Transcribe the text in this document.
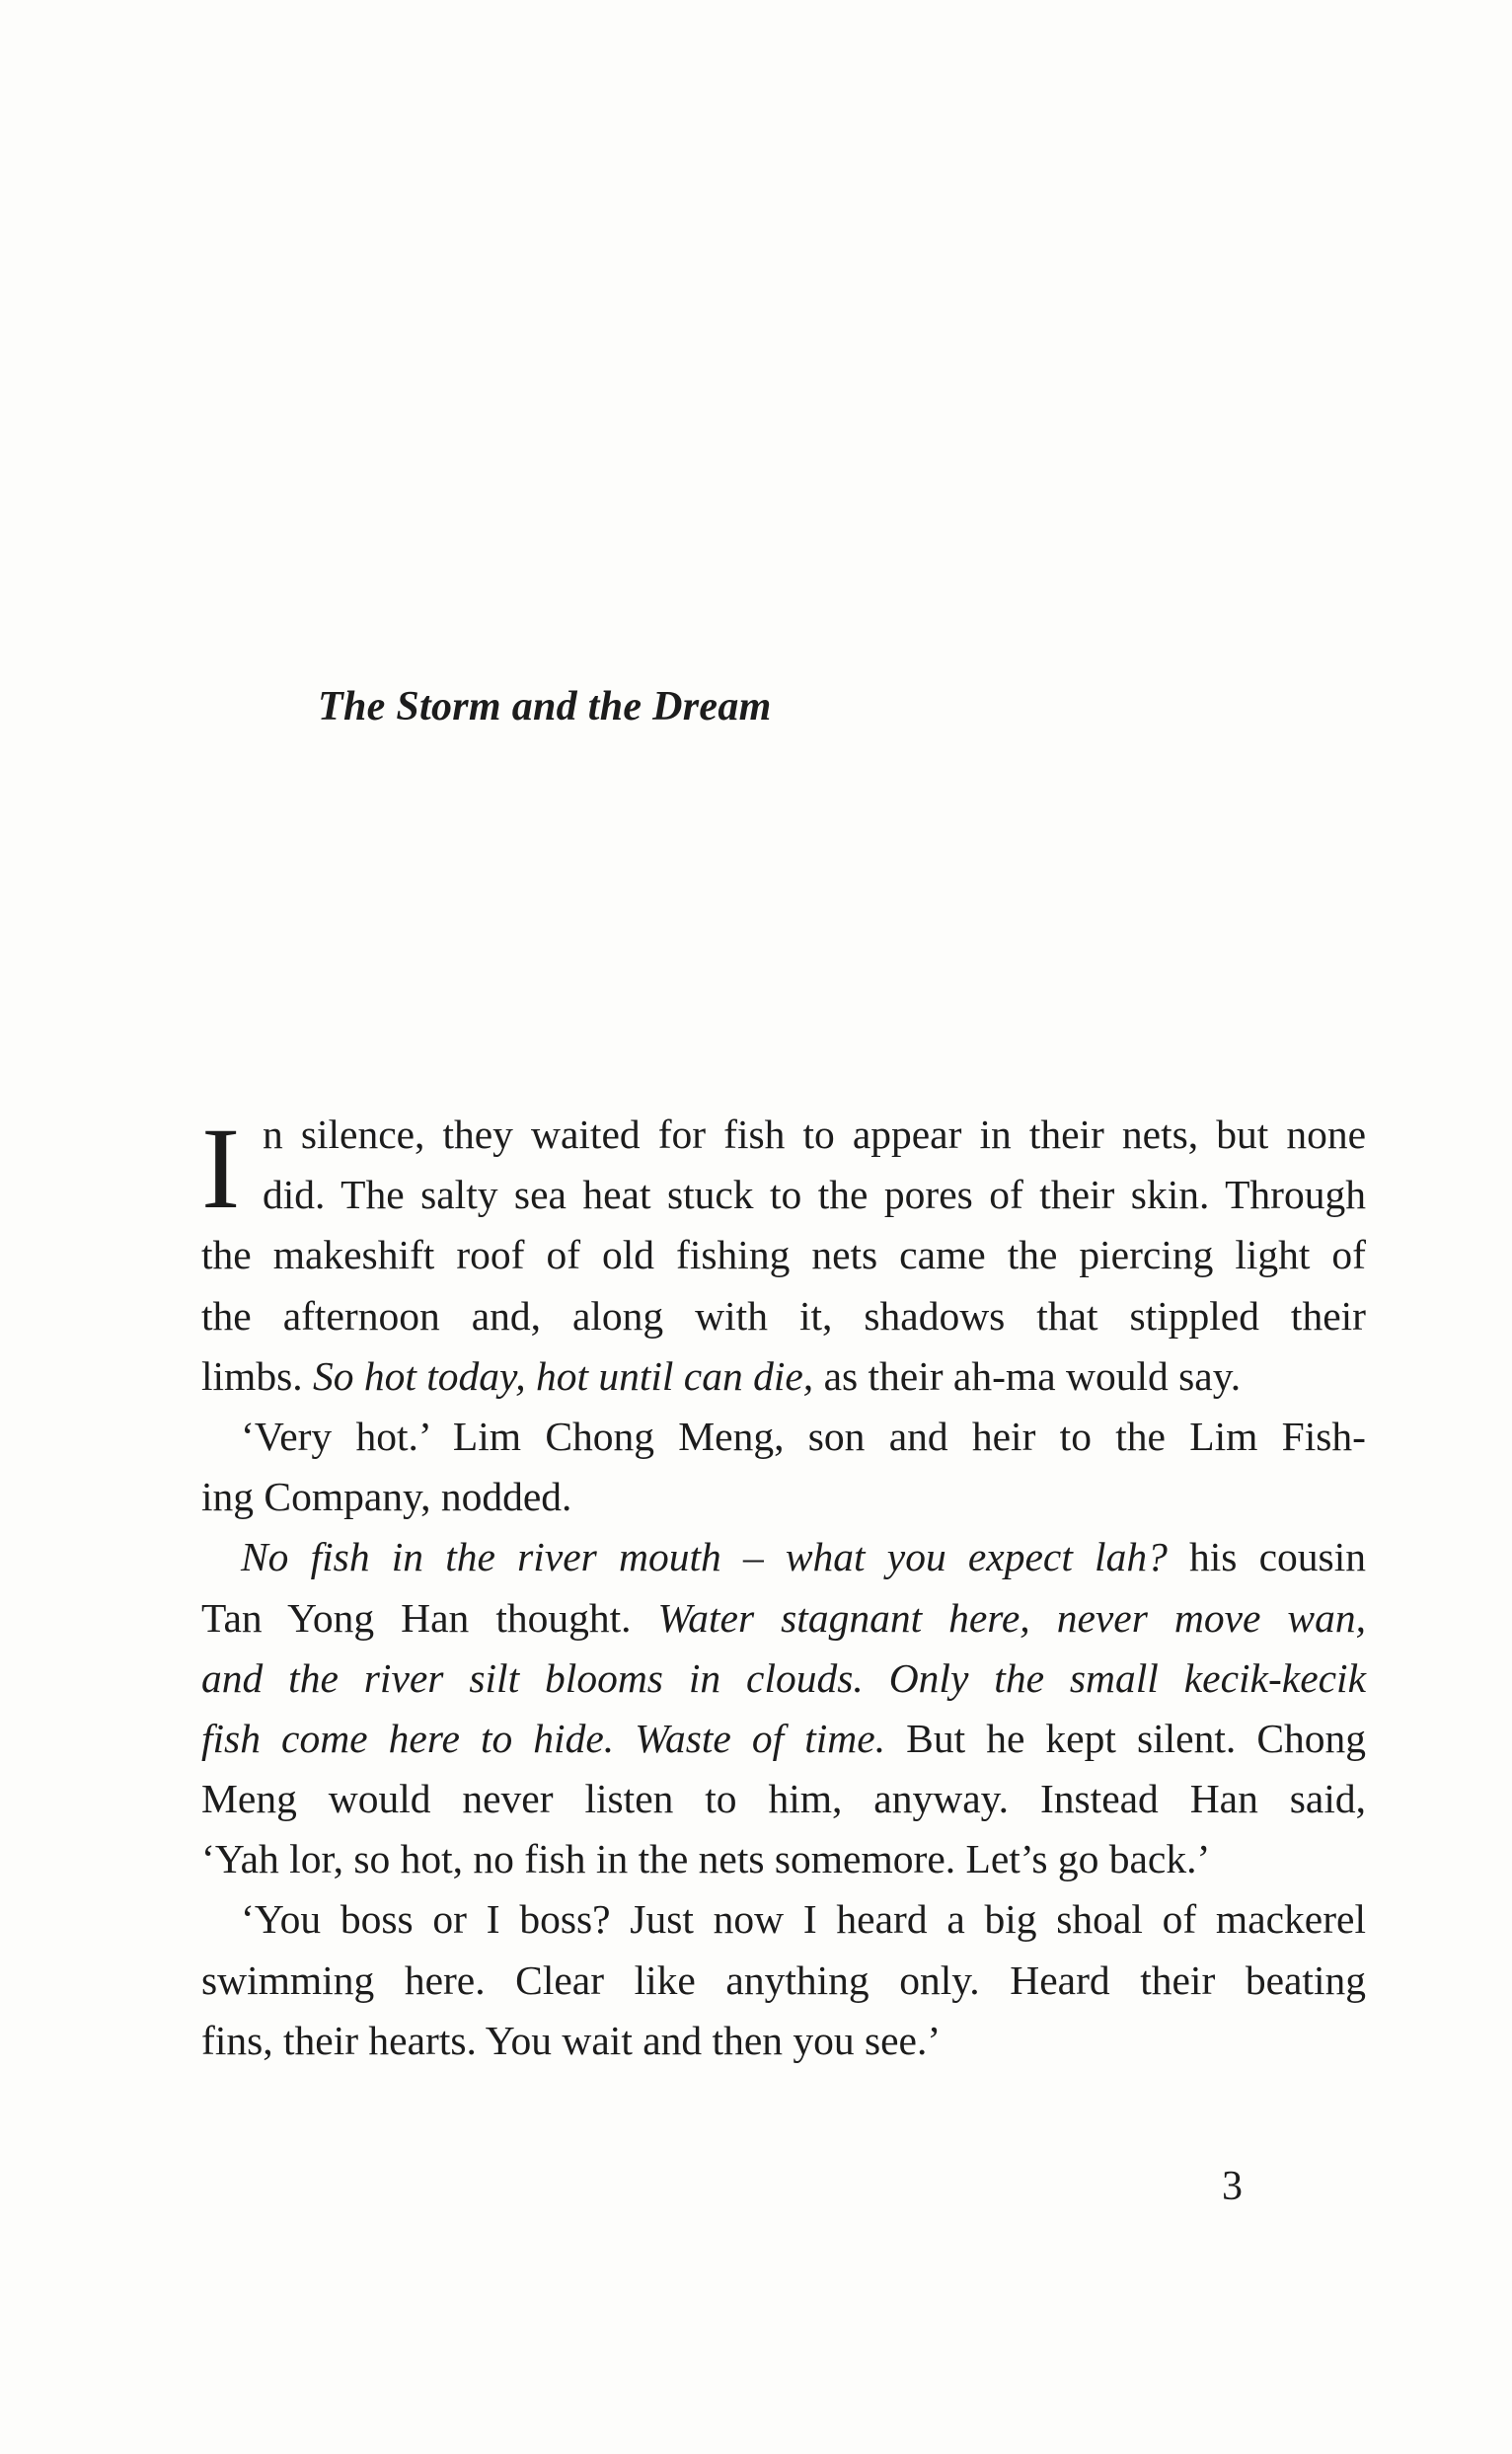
The Storm and the Dream
I n silence, they waited for fish to appear in their nets, but none
did. The salty sea heat stuck to the pores of their skin. Through
the makeshift roof of old fishing nets came the piercing light of
the afternoon and, along with it, shadows that stippled their
limbs. So hot today, hot until can die, as their ah-ma would say.
‘Very hot.’ Lim Chong Meng, son and heir to the Lim Fish-
ing Company, nodded.
No fish in the river mouth – what you expect lah? his cousin
Tan Yong Han thought. Water stagnant here, never move wan,
and the river silt blooms in clouds. Only the small kecik-kecik
fish come here to hide. Waste of time. But he kept silent. Chong
Meng would never listen to him, anyway. Instead Han said,
‘Yah lor, so hot, no fish in the nets somemore. Let’s go back.’
‘You boss or I boss? Just now I heard a big shoal of mackerel
swimming here. Clear like anything only. Heard their beating
fins, their hearts. You wait and then you see.’

3
